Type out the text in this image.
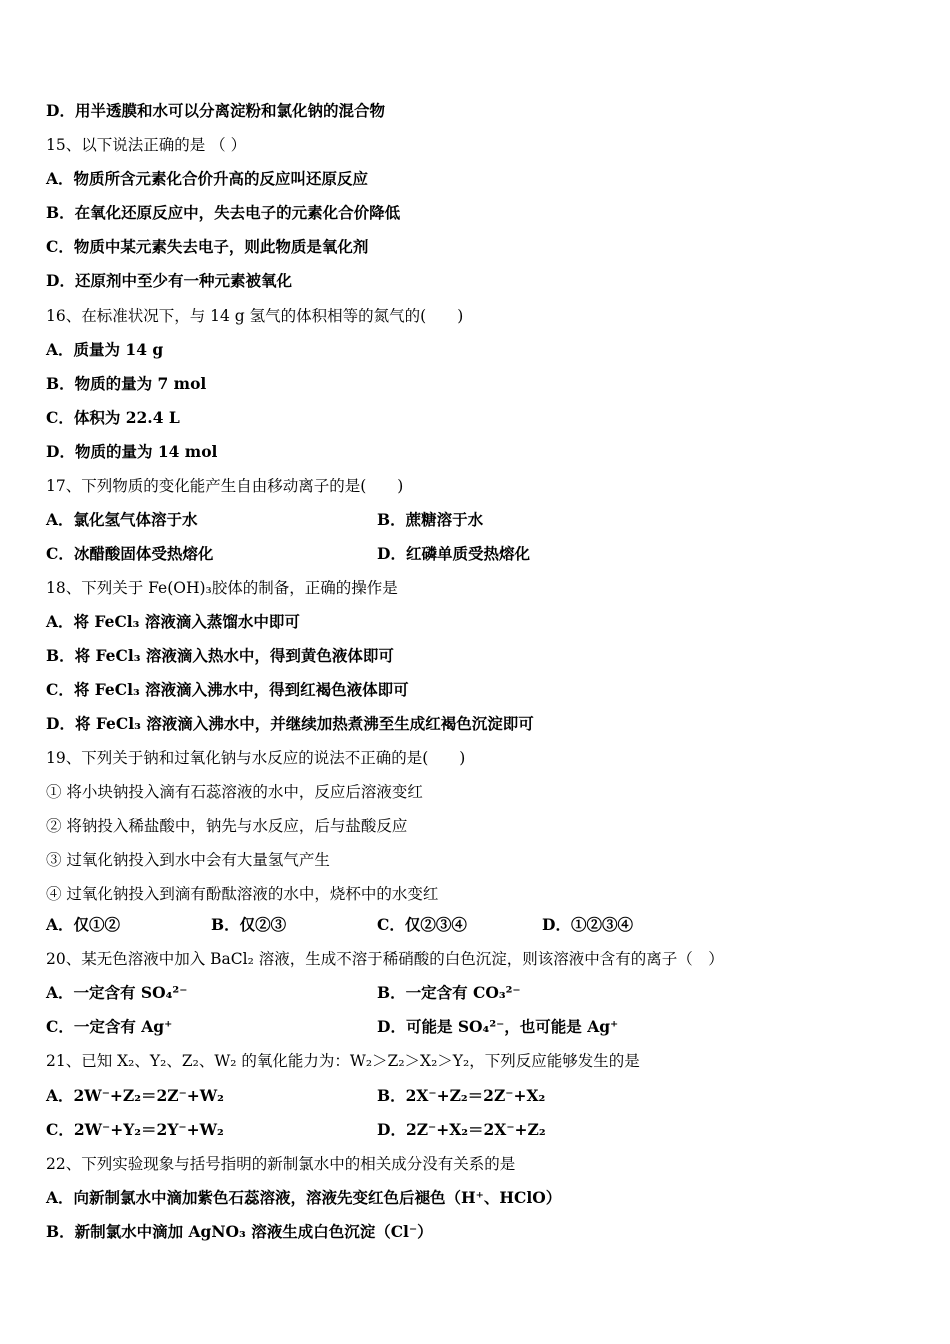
D．用半透膜和水可以分离淀粉和氯化钠的混合物
15、以下说法正确的是 （ ）
A．物质所含元素化合价升高的反应叫还原反应
B．在氧化还原反应中，失去电子的元素化合价降低
C．物质中某元素失去电子，则此物质是氧化剂
D．还原剂中至少有一种元素被氧化
16、在标准状况下，与 14 g 氢气的体积相等的氮气的(　　)
A．质量为 14 g
B．物质的量为 7 mol
C．体积为 22.4 L
D．物质的量为 14 mol
17、下列物质的变化能产生自由移动离子的是(　　)
A．氯化氢气体溶于水	B．蔗糖溶于水
C．冰醋酸固体受热熔化	D．红磷单质受热熔化
18、下列关于 Fe(OH)₃胶体的制备，正确的操作是
A．将 FeCl₃ 溶液滴入蒸馏水中即可
B．将 FeCl₃ 溶液滴入热水中，得到黄色液体即可
C．将 FeCl₃ 溶液滴入沸水中，得到红褐色液体即可
D．将 FeCl₃ 溶液滴入沸水中，并继续加热煮沸至生成红褐色沉淀即可
19、下列关于钠和过氧化钠与水反应的说法不正确的是(　　)
① 将小块钠投入滴有石蕊溶液的水中，反应后溶液变红
② 将钠投入稀盐酸中，钠先与水反应，后与盐酸反应
③ 过氧化钠投入到水中会有大量氢气产生
④ 过氧化钠投入到滴有酚酞溶液的水中，烧杯中的水变红
A．仅①②	B．仅②③	C．仅②③④	D．①②③④
20、某无色溶液中加入 BaCl₂ 溶液，生成不溶于稀硝酸的白色沉淀，则该溶液中含有的离子（　）
A．一定含有 SO₄²⁻	B．一定含有 CO₃²⁻
C．一定含有 Ag⁺	D．可能是 SO₄²⁻，也可能是 Ag⁺
21、已知 X₂、Y₂、Z₂、W₂ 的氧化能力为：W₂＞Z₂＞X₂＞Y₂，下列反应能够发生的是
A．2W⁻+Z₂＝2Z⁻+W₂	B．2X⁻+Z₂＝2Z⁻+X₂
C．2W⁻+Y₂＝2Y⁻+W₂	D．2Z⁻+X₂＝2X⁻+Z₂
22、下列实验现象与括号指明的新制氯水中的相关成分没有关系的是
A．向新制氯水中滴加紫色石蕊溶液，溶液先变红色后褪色（H⁺、HClO）
B．新制氯水中滴加 AgNO₃ 溶液生成白色沉淀（Cl⁻）
